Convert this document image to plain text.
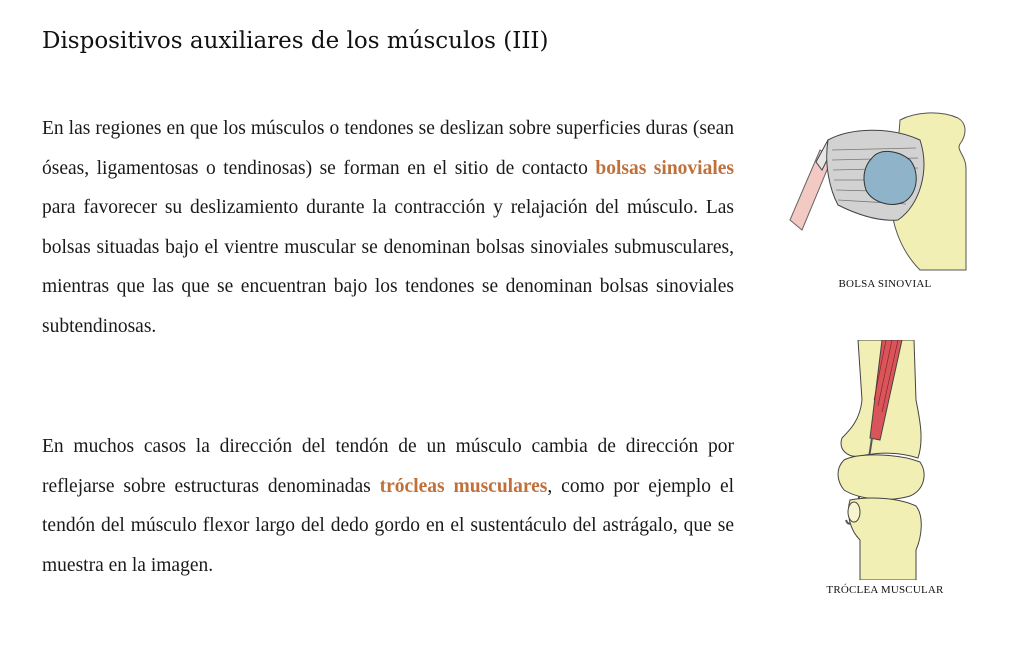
Dispositivos auxiliares de los músculos (III)

En las regiones en que los músculos o tendones se deslizan sobre superficies duras (sean óseas, ligamentosas o tendinosas) se forman en el sitio de contacto bolsas sinoviales para favorecer su deslizamiento durante la contracción y relajación del músculo. Las bolsas situadas bajo el vientre muscular se denominan bolsas sinoviales submusculares, mientras que las que se encuentran bajo los tendones se denominan bolsas sinoviales subtendinosas.

En muchos casos la dirección del tendón de un músculo cambia de dirección por reflejarse sobre estructuras denominadas trócleas musculares, como por ejemplo el tendón del músculo flexor largo del dedo gordo en el sustentáculo del astrágalo, que se muestra en la imagen.

BOLSA SINOVIAL
TRÓCLEA MUSCULAR
